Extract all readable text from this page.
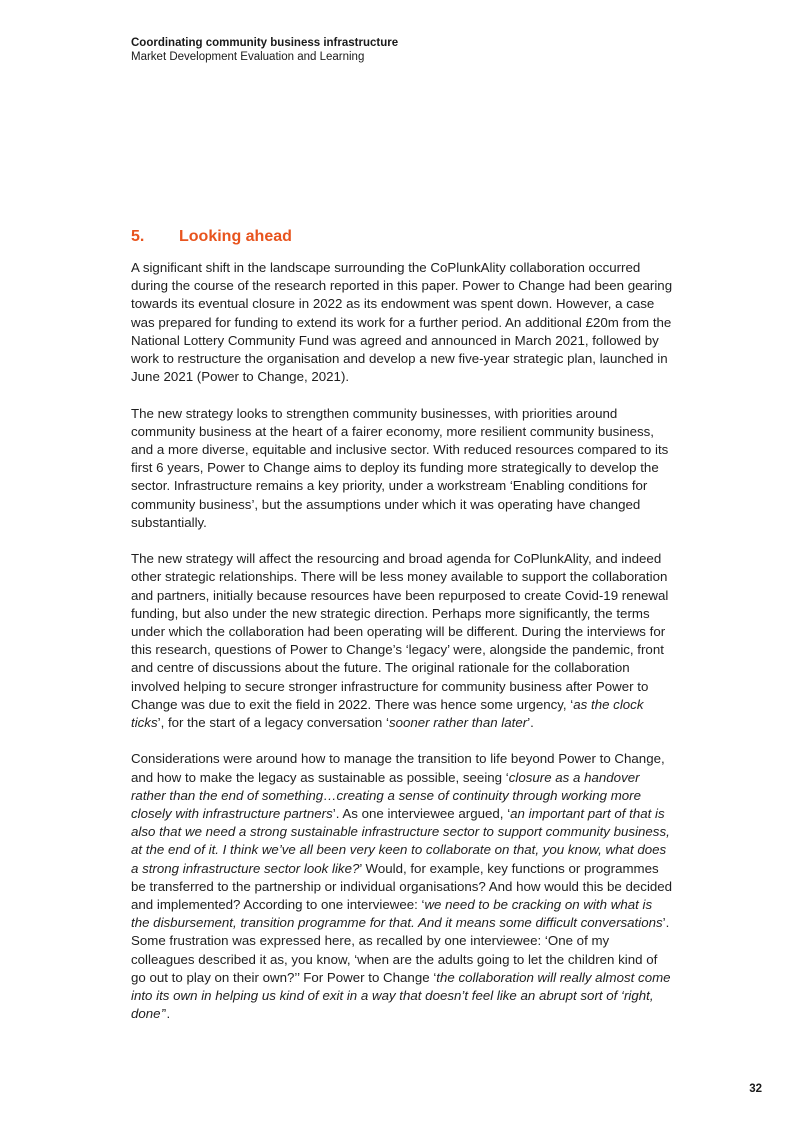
Coordinating community business infrastructure
Market Development Evaluation and Learning
5. Looking ahead

A significant shift in the landscape surrounding the CoPlunkAlity collaboration occurred during the course of the research reported in this paper. Power to Change had been gearing towards its eventual closure in 2022 as its endowment was spent down. However, a case was prepared for funding to extend its work for a further period. An additional £20m from the National Lottery Community Fund was agreed and announced in March 2021, followed by work to restructure the organisation and develop a new five-year strategic plan, launched in June 2021 (Power to Change, 2021).

The new strategy looks to strengthen community businesses, with priorities around community business at the heart of a fairer economy, more resilient community business, and a more diverse, equitable and inclusive sector. With reduced resources compared to its first 6 years, Power to Change aims to deploy its funding more strategically to develop the sector. Infrastructure remains a key priority, under a workstream ‘Enabling conditions for community business’, but the assumptions under which it was operating have changed substantially.

The new strategy will affect the resourcing and broad agenda for CoPlunkAlity, and indeed other strategic relationships. There will be less money available to support the collaboration and partners, initially because resources have been repurposed to create Covid-19 renewal funding, but also under the new strategic direction. Perhaps more significantly, the terms under which the collaboration had been operating will be different. During the interviews for this research, questions of Power to Change’s ‘legacy’ were, alongside the pandemic, front and centre of discussions about the future. The original rationale for the collaboration involved helping to secure stronger infrastructure for community business after Power to Change was due to exit the field in 2022. There was hence some urgency, ‘as the clock ticks’, for the start of a legacy conversation ‘sooner rather than later’.

Considerations were around how to manage the transition to life beyond Power to Change, and how to make the legacy as sustainable as possible, seeing ‘closure as a handover rather than the end of something…creating a sense of continuity through working more closely with infrastructure partners’. As one interviewee argued, ‘an important part of that is also that we need a strong sustainable infrastructure sector to support community business, at the end of it. I think we’ve all been very keen to collaborate on that, you know, what does a strong infrastructure sector look like?’ Would, for example, key functions or programmes be transferred to the partnership or individual organisations? And how would this be decided and implemented? According to one interviewee: ‘we need to be cracking on with what is the disbursement, transition programme for that. And it means some difficult conversations’. Some frustration was expressed here, as recalled by one interviewee: ‘One of my colleagues described it as, you know, ‘when are the adults going to let the children kind of go out to play on their own?’’ For Power to Change ‘the collaboration will really almost come into its own in helping us kind of exit in a way that doesn’t feel like an abrupt sort of ‘right, done’’.

32
